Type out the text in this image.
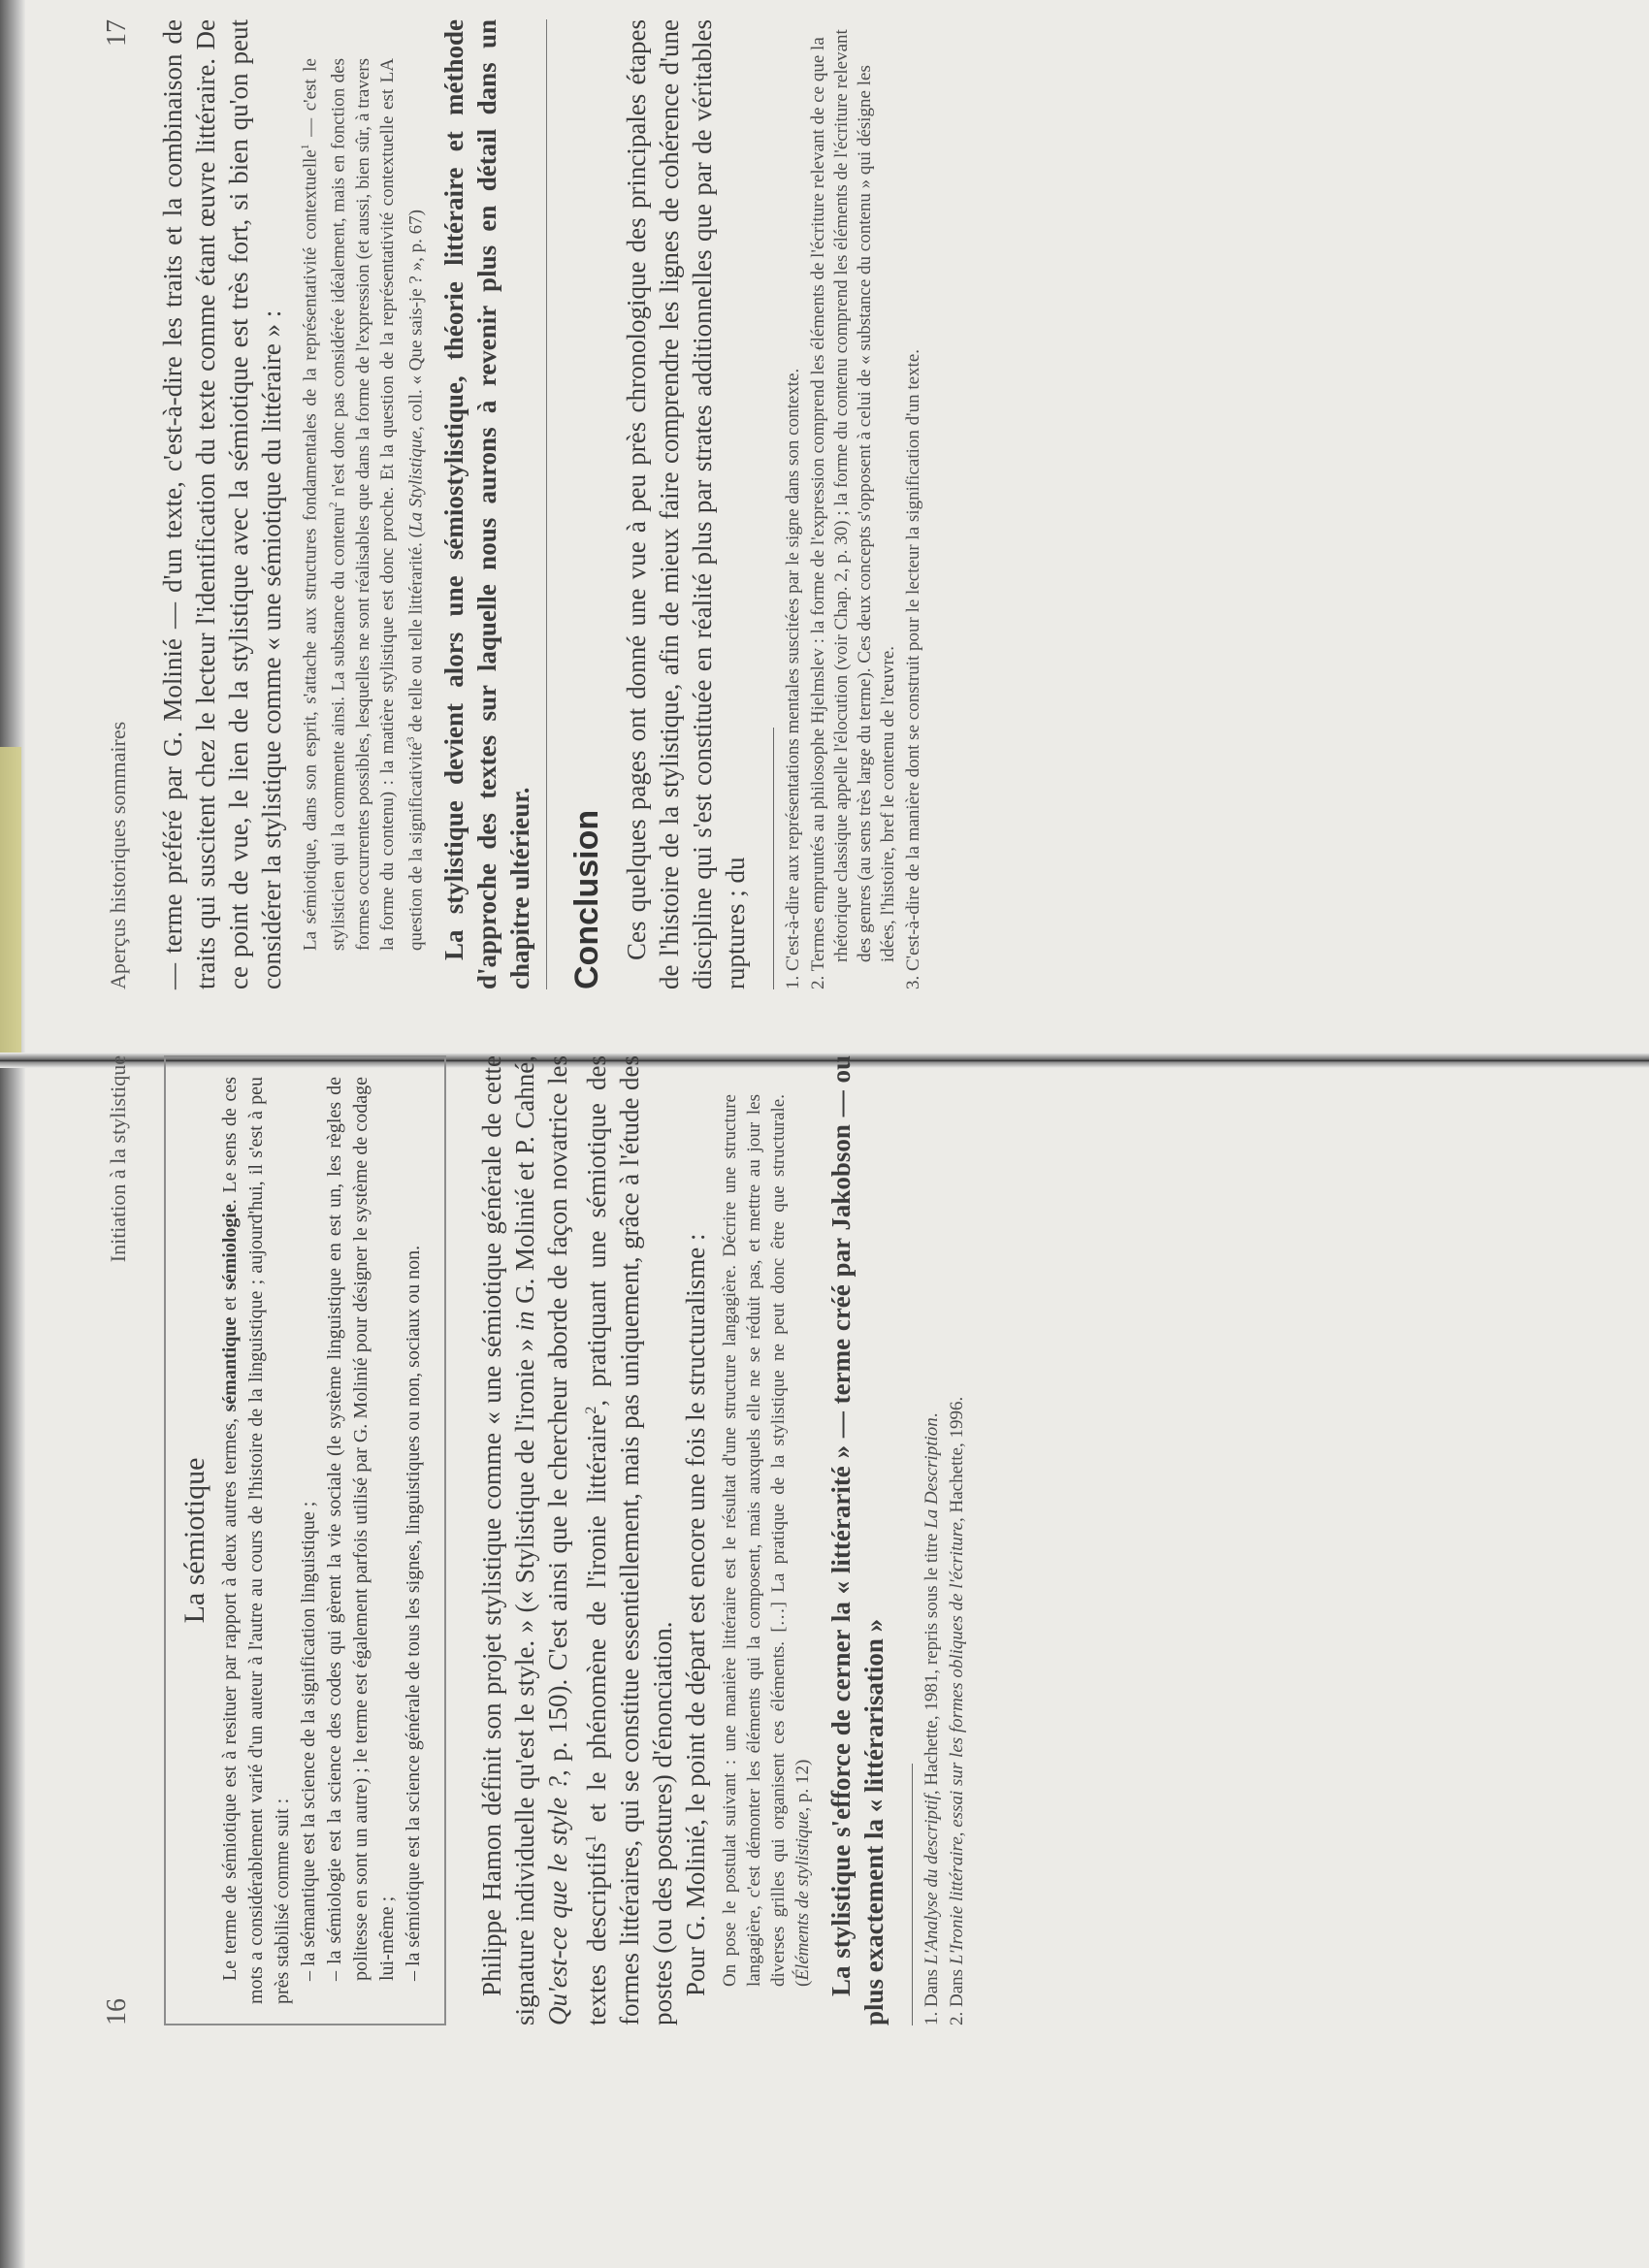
16
Initiation à la stylistique
La sémiotique Le terme de sémiotique est à resituer par rapport à deux autres termes, sémantique et sémiologie. Le sens de ces mots a considérablement varié d'un auteur à l'autre au cours de l'histoire de la linguistique ; aujourd'hui, il s'est à peu près stabilisé comme suit : – la sémantique est la science de la signification linguistique ; – la sémiologie est la science des codes qui gèrent la vie sociale (le système linguistique en est un, les règles de politesse en sont un autre) ; le terme est également parfois utilisé par G. Molinié pour désigner le système de codage lui-même ; – la sémiotique est la science générale de tous les signes, linguistiques ou non, sociaux ou non. Philippe Hamon définit son projet stylistique comme « une sémiotique générale de cette signature individuelle qu'est le style. » (« Stylistique de l'ironie » in G. Molinié et P. Cahné, Qu'est-ce que le style ?, p. 150). C'est ainsi que le chercheur aborde de façon novatrice les textes descriptifs$^1$ et le phénomène de l'ironie littéraire$^2$, pratiquant une sémiotique des formes littéraires, qui se constitue essentiellement, mais pas uniquement, grâce à l'étude des postes (ou des postures) d'énonciation. Pour G. Molinié, le point de départ est encore une fois le structuralisme : On pose le postulat suivant : une manière littéraire est le résultat d'une structure langagière. Décrire une structure langagière, c'est démonter les éléments qui la composent, mais auxquels elle ne se réduit pas, et mettre au jour les diverses grilles qui organisent ces éléments. […] La pratique de la stylistique ne peut donc être que structurale. (Éléments de stylistique, p. 12) La stylistique s'efforce de cerner la « littérarité » — terme créé par Jakobson — ou plus exactement la « littérarisation » 1. Dans L'Analyse du descriptif, Hachette, 1981, repris sous le titre La Description.
2. Dans L'Ironie littéraire, essai sur les formes obliques de l'écriture, Hachette, 1996.
Aperçus historiques sommaires
17 — terme préféré par G. Molinié — d'un texte, c'est-à-dire les traits et la combinaison de traits qui suscitent chez le lecteur l'identification du texte comme étant œuvre littéraire. De ce point de vue, le lien de la stylistique avec la sémiotique est très fort, si bien qu'on peut considérer la stylistique comme « une sémiotique du littéraire » : La sémiotique, dans son esprit, s'attache aux structures fondamentales de la représentativité contextuelle$^1$ — c'est le stylisticien qui la commente ainsi. La substance du contenu$^2$ n'est donc pas considérée idéalement, mais en fonction des formes occurrentes possibles, lesquelles ne sont réalisables que dans la forme de l'expression (et aussi, bien sûr, à travers la forme du contenu) : la matière stylistique est donc proche. Et la question de la représentativité contextuelle est LA question de la significativité$^3$ de telle ou telle littérarité. (La Stylistique, coll. « Que sais-je ? », p. 67) La stylistique devient alors une sémiostylistique, théorie littéraire et méthode d'approche des textes sur laquelle nous aurons à revenir plus en détail dans un chapitre ultérieur. Conclusion Ces quelques pages ont donné une vue à peu près chronologique des principales étapes de l'histoire de la stylistique, afin de mieux faire comprendre les lignes de cohérence d'une discipline qui s'est constituée en réalité plus par strates additionnelles que par de véritables ruptures ; du 1. C'est-à-dire aux représentations mentales suscitées par le signe dans son contexte.
2. Termes empruntés au philosophe Hjelmslev : la forme de l'expression comprend les éléments de l'écriture relevant de ce que la rhétorique classique appelle l'élocution (voir Chap. 2, p. 30) ; la forme du contenu comprend les éléments de l'écriture relevant des genres (au sens très large du terme). Ces deux concepts s'opposent à celui de « substance du contenu » qui désigne les idées, l'histoire, bref le contenu de l'œuvre.
3. C'est-à-dire de la manière dont se construit pour le lecteur la signification d'un texte.
